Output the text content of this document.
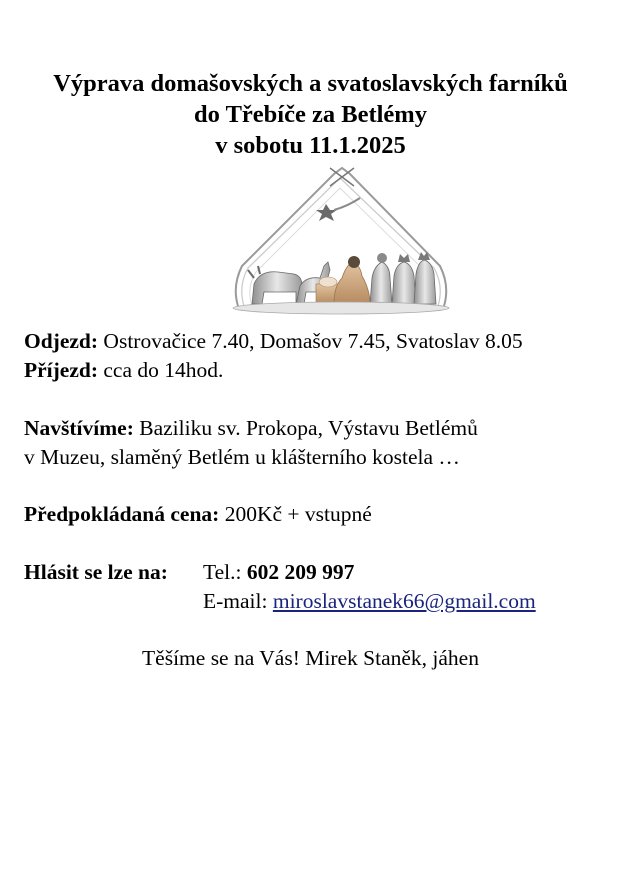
Výprava domašovských a svatoslavských farníků
do Třebíče za Betlémy
v sobotu 11.1.2025
Odjezd: Ostrovačice 7.40, Domašov 7.45, Svatoslav 8.05
Příjezd: cca do 14hod.
Navštívíme: Baziliku sv. Prokopa, Výstavu Betlémů
v Muzeu, slaměný Betlém u klášterního kostela …
Předpokládaná cena: 200Kč + vstupné
Hlásit se lze na: Tel.: 602 209 997
E-mail: miroslavstanek66@gmail.com
Těšíme se na Vás! Mirek Staněk, jáhen
